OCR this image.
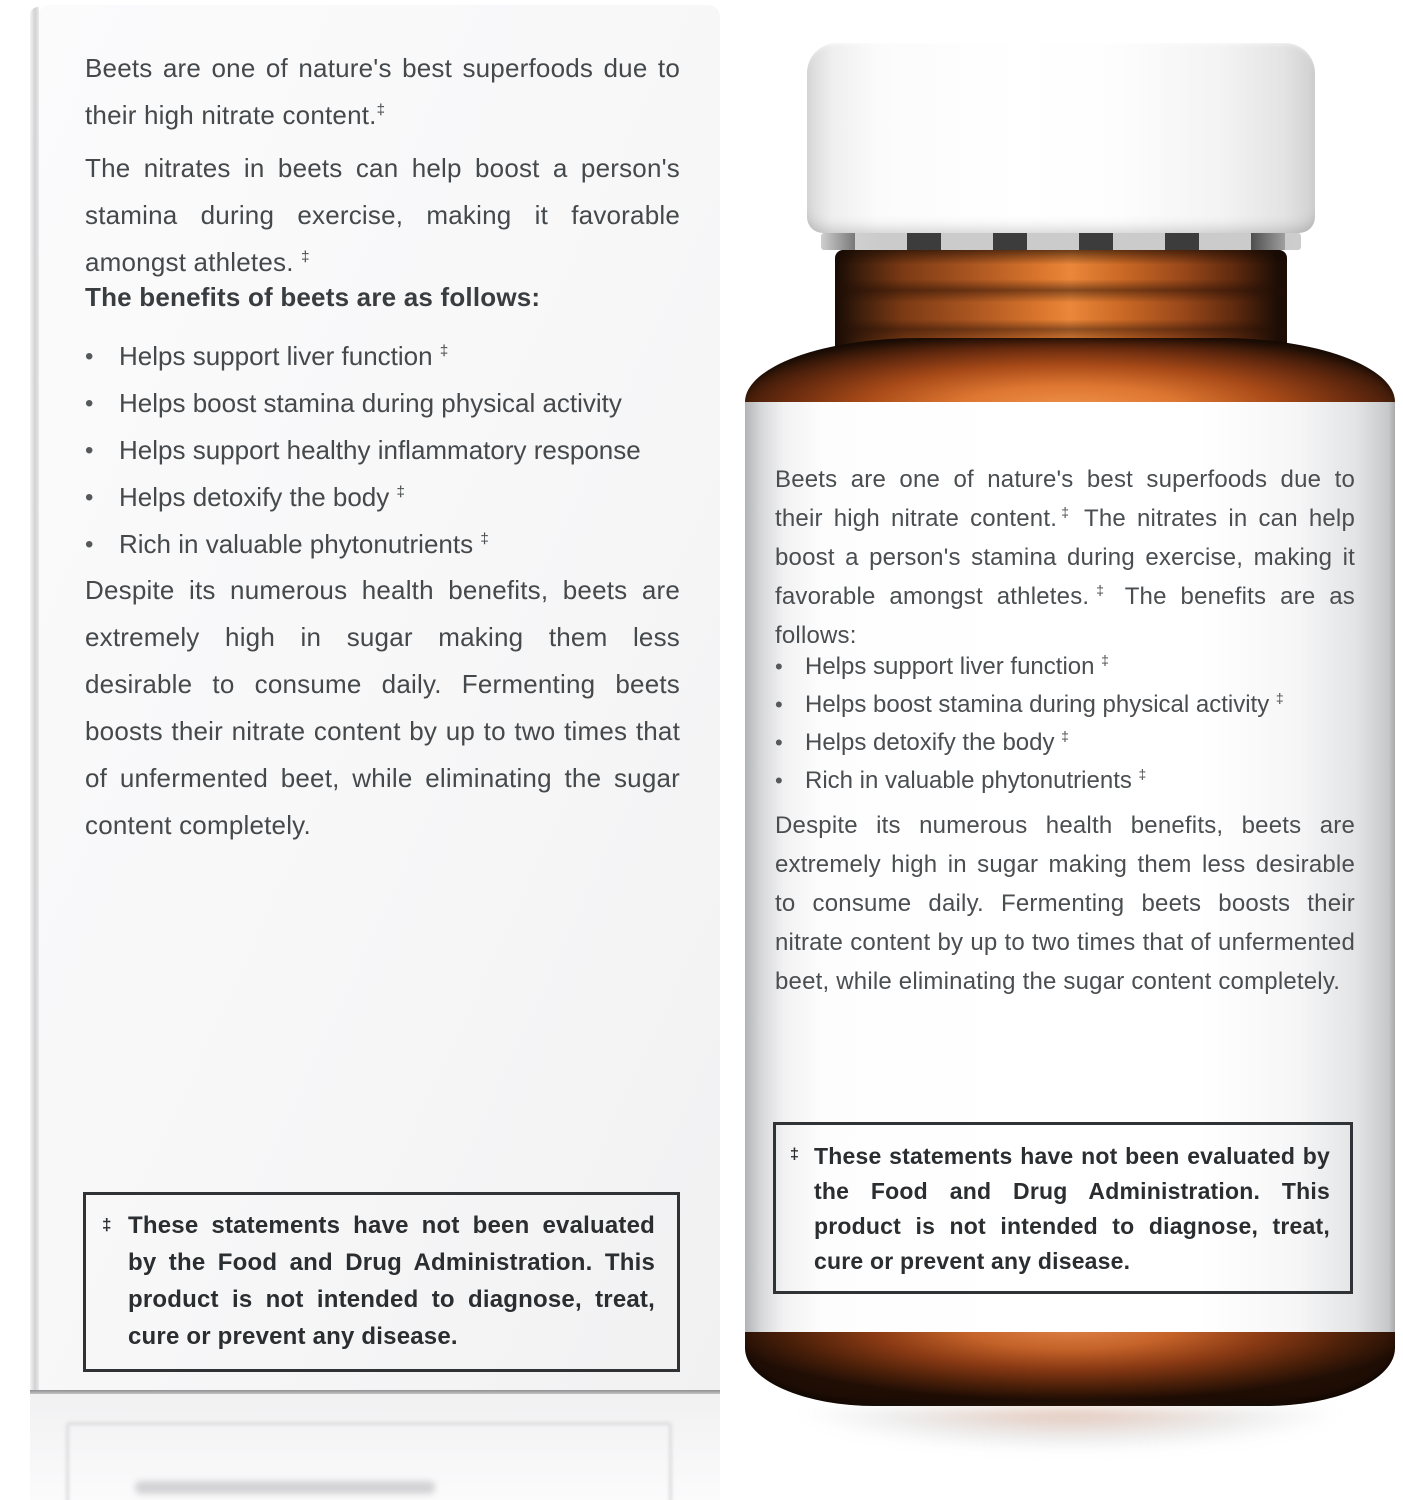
Beets are one of nature's best superfoods due to their high nitrate content.‡

The nitrates in beets can help boost a person's stamina during exercise, making it favorable amongst athletes. ‡

The benefits of beets are as follows:
• Helps support liver function ‡
• Helps boost stamina during physical activity
• Helps support healthy inflammatory response
• Helps detoxify the body ‡
• Rich in valuable phytonutrients ‡

Despite its numerous health benefits, beets are extremely high in sugar making them less desirable to consume daily. Fermenting beets boosts their nitrate content by up to two times that of unfermented beet, while eliminating the sugar content completely.

‡ These statements have not been evaluated by the Food and Drug Administration. This product is not intended to diagnose, treat, cure or prevent any disease.

Beets are one of nature's best superfoods due to their high nitrate content.‡ The nitrates in can help boost a person's stamina during exercise, making it favorable amongst athletes.‡ The benefits are as follows:

• Helps support liver function ‡
• Helps boost stamina during physical activity ‡
• Helps detoxify the body ‡
• Rich in valuable phytonutrients ‡

Despite its numerous health benefits, beets are extremely high in sugar making them less desirable to consume daily. Fermenting beets boosts their nitrate content by up to two times that of unfermented beet, while eliminating the sugar content completely.

‡ These statements have not been evaluated by the Food and Drug Administration. This product is not intended to diagnose, treat, cure or prevent any disease.
